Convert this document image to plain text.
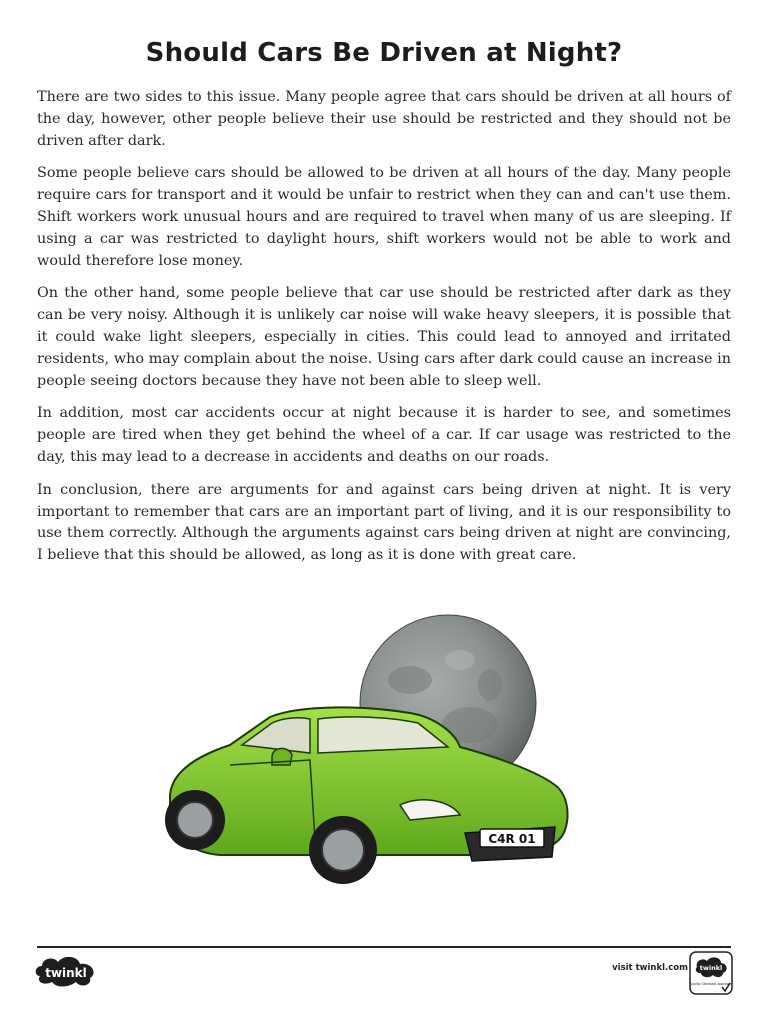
Should Cars Be Driven at Night?

There are two sides to this issue. Many people agree that cars should be driven at all hours of the day, however, other people believe their use should be restricted and they should not be driven after dark.

Some people believe cars should be allowed to be driven at all hours of the day. Many people require cars for transport and it would be unfair to restrict when they can and can't use them. Shift workers work unusual hours and are required to travel when many of us are sleeping. If using a car was restricted to daylight hours, shift workers would not be able to work and would therefore lose money.

On the other hand, some people believe that car use should be restricted after dark as they can be very noisy. Although it is unlikely car noise will wake heavy sleepers, it is possible that it could wake light sleepers, especially in cities. This could lead to annoyed and irritated residents, who may complain about the noise. Using cars after dark could cause an increase in people seeing doctors because they have not been able to sleep well.

In addition, most car accidents occur at night because it is harder to see, and sometimes people are tired when they get behind the wheel of a car. If car usage was restricted to the day, this may lead to a decrease in accidents and deaths on our roads.

In conclusion, there are arguments for and against cars being driven at night. It is very important to remember that cars are an important part of living, and it is our responsibility to use them correctly. Although the arguments against cars being driven at night are convincing, I believe that this should be allowed, as long as it is done with great care.

C4R 01
twinkl	visit twinkl.com twinkl
Quality Standard Approved
